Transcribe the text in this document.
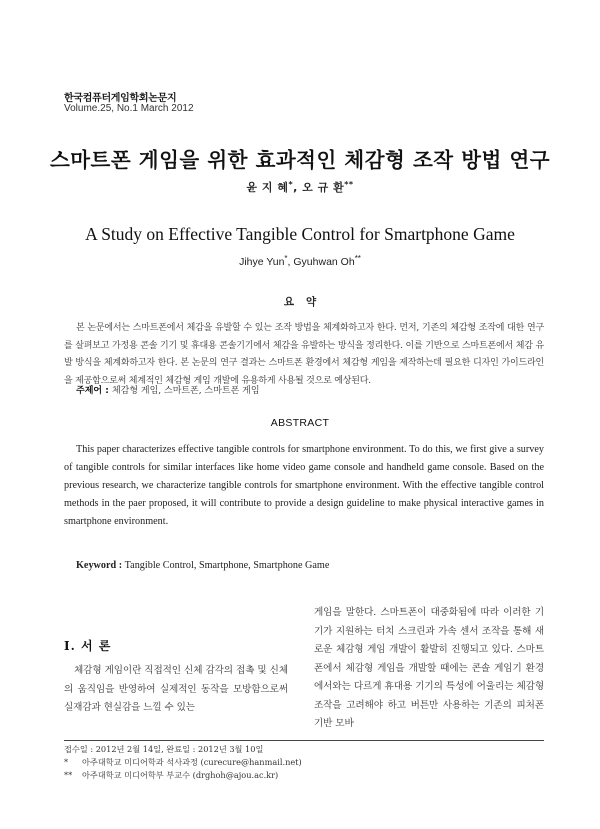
한국컴퓨터게임학회논문지
Volume.25, No.1 March 2012
스마트폰 게임을 위한 효과적인 체감형 조작 방법 연구
윤 지 혜*, 오 규 환**
A Study on Effective Tangible Control for Smartphone Game
Jihye Yun*, Gyuhwan Oh**
요약
본 논문에서는 스마트폰에서 체감을 유발할 수 있는 조작 방법을 체계화하고자 한다. 먼저, 기존의 체감형 조작에 대한 연구를 살펴보고 가정용 콘솔 기기 및 휴대용 콘솔기기에서 체감을 유발하는 방식을 정리한다. 이를 기반으로 스마트폰에서 체감 유발 방식을 체계화하고자 한다. 본 논문의 연구 결과는 스마트폰 환경에서 체감형 게임을 제작하는데 필요한 디자인 가이드라인을 제공함으로써 체계적인 체감형 게임 개발에 유용하게 사용될 것으로 예상된다.
주제어 : 체감형 게임, 스마트폰, 스마트폰 게임
ABSTRACT
This paper characterizes effective tangible controls for smartphone environment. To do this, we first give a survey of tangible controls for similar interfaces like home video game console and handheld game console. Based on the previous research, we characterize tangible controls for smartphone environment. With the effective tangible control methods in the paer proposed, it will contribute to provide a design guideline to make physical interactive games in smartphone environment.
Keyword : Tangible Control, Smartphone, Smartphone Game
Ⅰ. 서 론
체감형 게임이란 직접적인 신체 감각의 접촉 및 신체의 움직임을 반영하여 실제적인 동작을 모방함으로써 실재감과 현실감을 느낄 수 있는
게임을 말한다. 스마트폰이 대중화됨에 따라 이러한 기기가 지원하는 터치 스크린과 가속 센서 조작을 통해 새로운 체감형 게임 개발이 활발히 진행되고 있다. 스마트폰에서 체감형 게임을 개발할 때에는 콘솔 게임기 환경에서와는 다르게 휴대용 기기의 특성에 어울리는 체감형 조작을 고려해야 하고 버튼만 사용하는 기존의 피처폰 기반 모바
접수일 : 2012년 2월 14일, 완료일 : 2012년 3월 10일
* 아주대학교 미디어학과 석사과정 (curecure@hanmail.net)
** 아주대학교 미디어학부 부교수 (drghoh@ajou.ac.kr)
